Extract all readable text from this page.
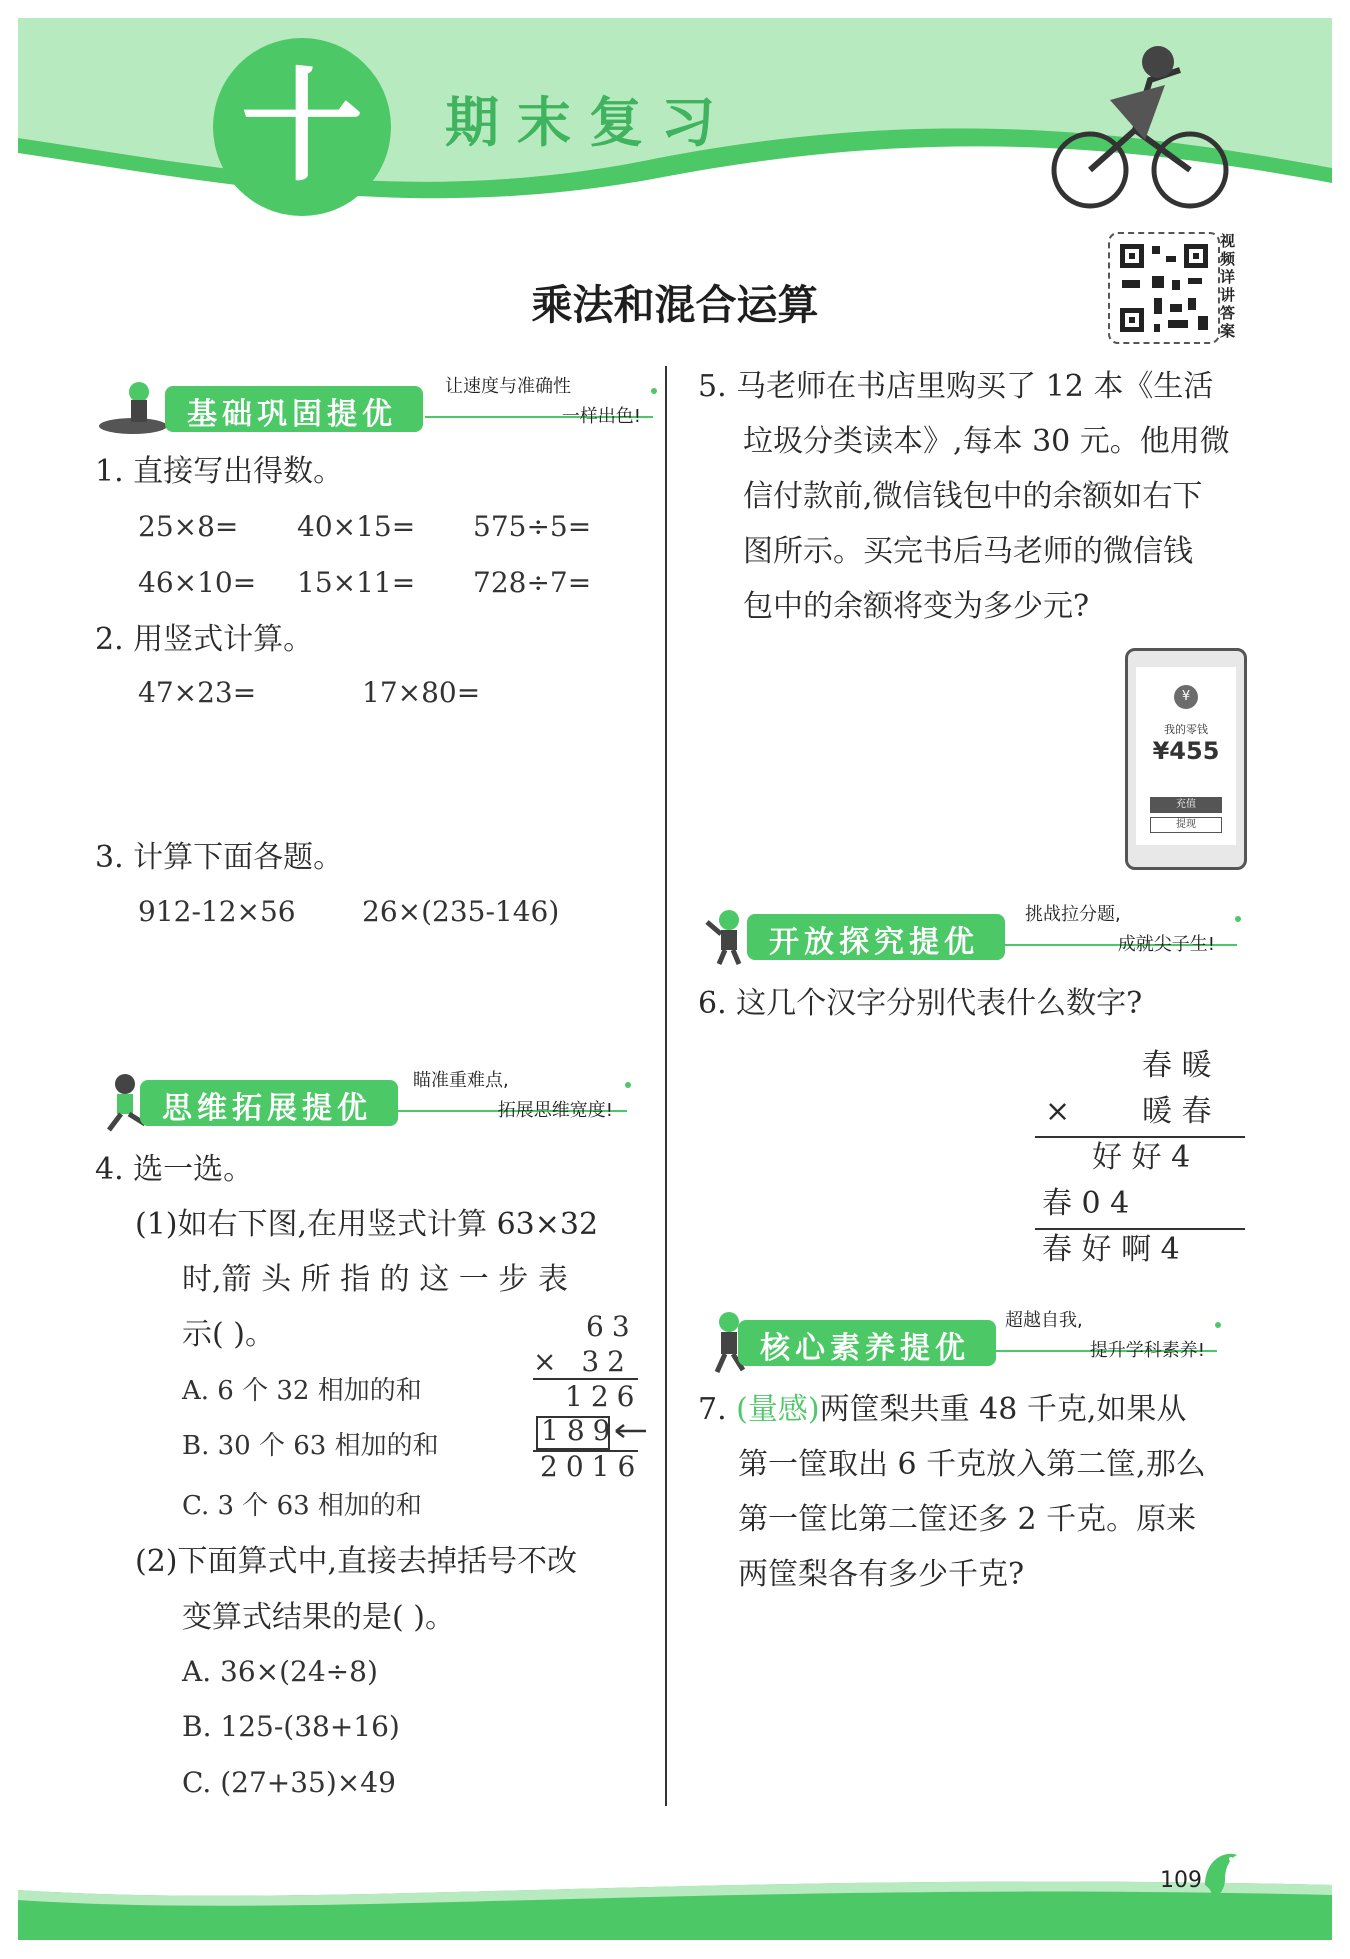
十	期末复习
乘法和混合运算
视频详讲答案
基础巩固提优
让速度与准确性
一样出色!
1. 直接写出得数。
25×8= 40×15= 575÷5=
46×10= 15×11= 728÷7=
2. 用竖式计算。
47×23=	17×80=
3. 计算下面各题。
912-12×56 26×(235-146)
思维拓展提优
瞄准重难点,
拓展思维宽度!
4. 选一选。
(1)如右下图,在用竖式计算 63×32
时,箭 头 所 指 的 这 一 步 表
示( )。
A. 6 个 32 相加的和
B. 30 个 63 相加的和
C. 3 个 63 相加的和
63
× 32
126
189
2016
(2)下面算式中,直接去掉括号不改
变算式结果的是( )。
A. 36×(24÷8)
B. 125-(38+16)
C. (27+35)×49
5. 马老师在书店里购买了 12 本《生活
垃圾分类读本》,每本 30 元。他用微
信付款前,微信钱包中的余额如右下
图所示。买完书后马老师的微信钱
包中的余额将变为多少元?
¥
我的零钱
¥455
充值
提现
开放探究提优
挑战拉分题,
成就尖子生!
6. 这几个汉字分别代表什么数字?
春 暖
× 暖 春
好 好 4
春 0 4
春 好 啊 4
核心素养提优
超越自我,
提升学科素养!
7. (量感)两筐梨共重 48 千克,如果从
第一筐取出 6 千克放入第二筐,那么
第一筐比第二筐还多 2 千克。原来
两筐梨各有多少千克?
109
